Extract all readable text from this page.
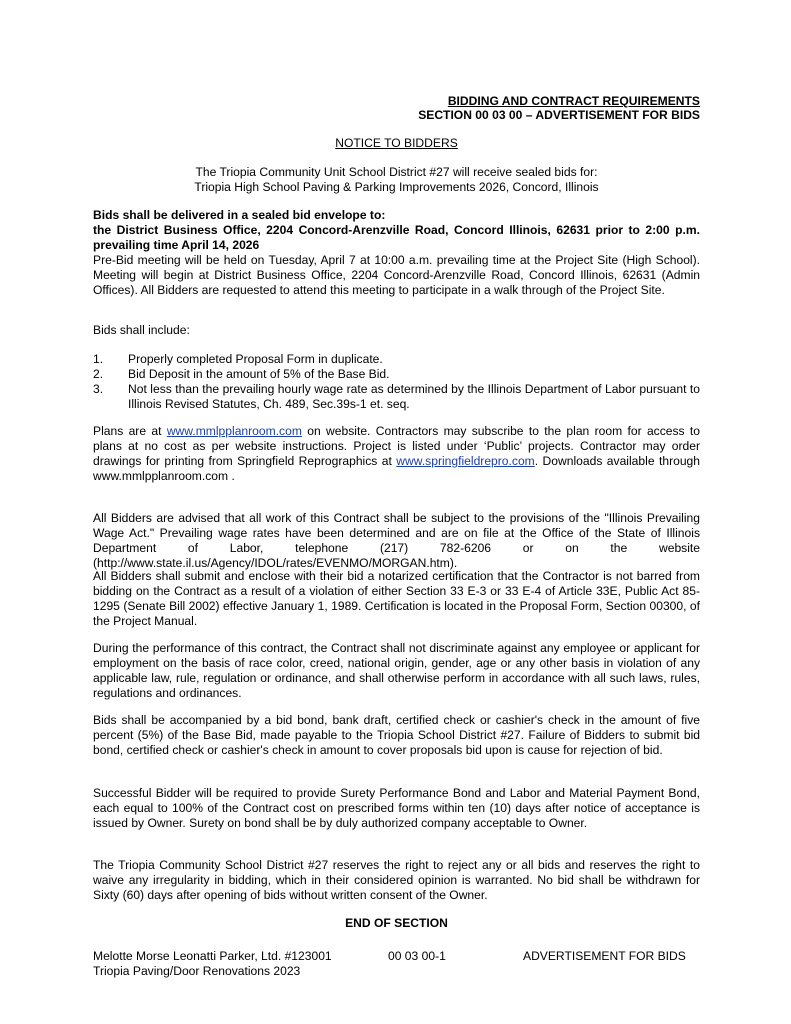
BIDDING AND CONTRACT REQUIREMENTS
SECTION 00 03 00 – ADVERTISEMENT FOR BIDS
NOTICE TO BIDDERS

The Triopia Community Unit School District #27 will receive sealed bids for:

Triopia High School Paving & Parking Improvements 2026, Concord, Illinois

Bids shall be delivered in a sealed bid envelope to:

the District Business Office, 2204 Concord-Arenzville Road, Concord Illinois, 62631 prior to 2:00 p.m. prevailing time April 14, 2026

Pre-Bid meeting will be held on Tuesday, April 7 at 10:00 a.m. prevailing time at the Project Site (High School). Meeting will begin at District Business Office, 2204 Concord-Arenzville Road, Concord Illinois, 62631 (Admin Offices). All Bidders are requested to attend this meeting to participate in a walk through of the Project Site.

Bids shall include:
1.	Properly completed Proposal Form in duplicate.
2.	Bid Deposit in the amount of 5% of the Base Bid.
3.	Not less than the prevailing hourly wage rate as determined by the Illinois Department of Labor pursuant to Illinois Revised Statutes, Ch. 489, Sec.39s-1 et. seq.

Plans are at www.mmlpplanroom.com on website. Contractors may subscribe to the plan room for access to plans at no cost as per website instructions. Project is listed under ‘Public’ projects. Contractor may order drawings for printing from Springfield Reprographics at www.springfieldrepro.com. Downloads available through www.mmlpplanroom.com .

All Bidders are advised that all work of this Contract shall be subject to the provisions of the "Illinois Prevailing Wage Act." Prevailing wage rates have been determined and are on file at the Office of the State of Illinois Department of Labor, telephone (217) 782-6206 or on the website (http://www.state.il.us/Agency/IDOL/rates/EVENMO/MORGAN.htm).

All Bidders shall submit and enclose with their bid a notarized certification that the Contractor is not barred from bidding on the Contract as a result of a violation of either Section 33 E-3 or 33 E-4 of Article 33E, Public Act 85-1295 (Senate Bill 2002) effective January 1, 1989. Certification is located in the Proposal Form, Section 00300, of the Project Manual.

During the performance of this contract, the Contract shall not discriminate against any employee or applicant for employment on the basis of race color, creed, national origin, gender, age or any other basis in violation of any applicable law, rule, regulation or ordinance, and shall otherwise perform in accordance with all such laws, rules, regulations and ordinances.

Bids shall be accompanied by a bid bond, bank draft, certified check or cashier's check in the amount of five percent (5%) of the Base Bid, made payable to the Triopia School District #27. Failure of Bidders to submit bid bond, certified check or cashier's check in amount to cover proposals bid upon is cause for rejection of bid.

Successful Bidder will be required to provide Surety Performance Bond and Labor and Material Payment Bond, each equal to 100% of the Contract cost on prescribed forms within ten (10) days after notice of acceptance is issued by Owner. Surety on bond shall be by duly authorized company acceptable to Owner.

The Triopia Community School District #27 reserves the right to reject any or all bids and reserves the right to waive any irregularity in bidding, which in their considered opinion is warranted. No bid shall be withdrawn for Sixty (60) days after opening of bids without written consent of the Owner.

END OF SECTION
Melotte Morse Leonatti Parker, Ltd. #123001	00 03 00-1	ADVERTISEMENT FOR BIDS
Triopia Paving/Door Renovations 2023
